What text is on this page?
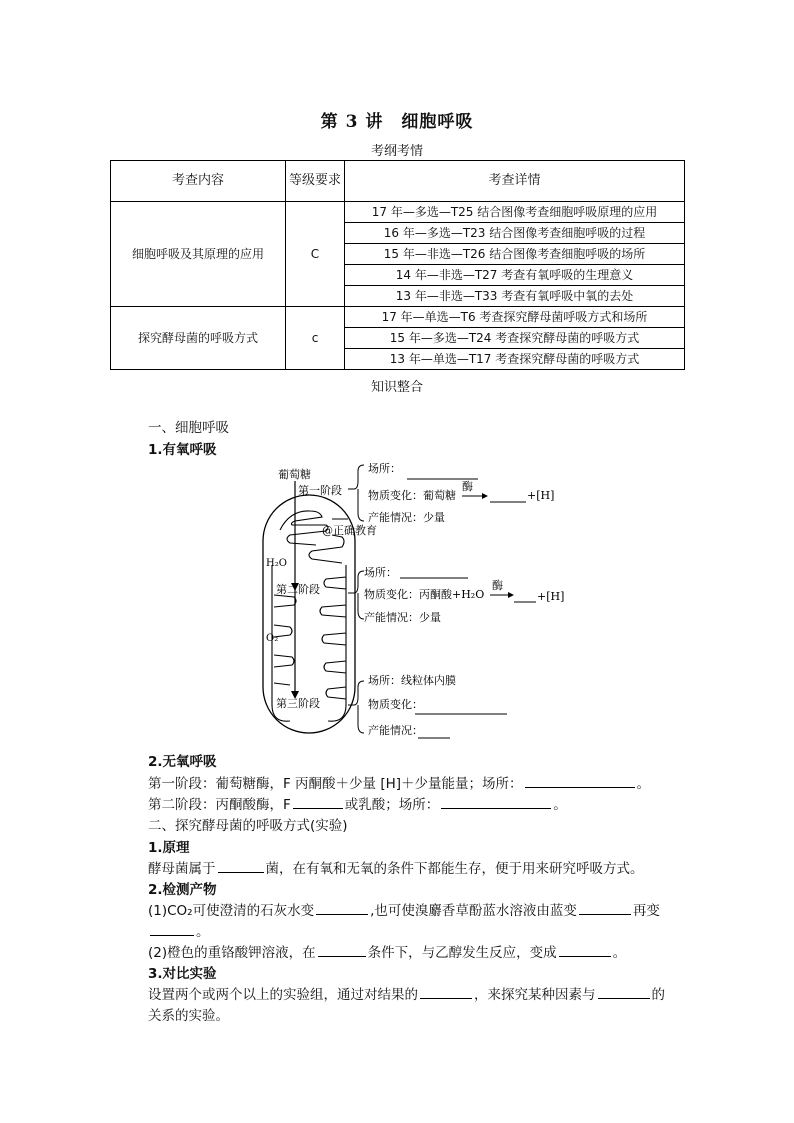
第 3 讲　细胞呼吸
考纲考情
考查内容	等级要求	考查详情
细胞呼吸及其原理的应用	C	17 年—多选—T25 结合图像考查细胞呼吸原理的应用
		16 年—多选—T23 结合图像考查细胞呼吸的过程
		15 年—非选—T26 结合图像考查细胞呼吸的场所
		14 年—非选—T27 考查有氧呼吸的生理意义
		13 年—非选—T33 考查有氧呼吸中氧的去处
探究酵母菌的呼吸方式	c	17 年—单选—T6 考查探究酵母菌呼吸方式和场所
		15 年—多选—T24 考查探究酵母菌的呼吸方式
		13 年—单选—T17 考查探究酵母菌的呼吸方式
知识整合
一、细胞呼吸
1.有氧呼吸
葡萄糖
第一阶段
@正确教育
H₂O
第二阶段
O₂
第三阶段
场所：
物质变化：葡萄糖
酶
+[H]
产能情况：少量
场所：
物质变化：丙酮酸+H₂O
酶
+[H]
产能情况：少量
场所：线粒体内膜
物质变化：
产能情况：
2.无氧呼吸
第一阶段：葡萄糖酶，F 丙酮酸＋少量 [H]＋少量能量；场所：	。
第二阶段：丙酮酸酶，F	或乳酸；场所：	。
二、探究酵母菌的呼吸方式(实验)
1.原理
酵母菌属于	菌，在有氧和无氧的条件下都能生存，便于用来研究呼吸方式。
2.检测产物
(1)CO₂可使澄清的石灰水变	,也可使溴麝香草酚蓝水溶液由蓝变	再变
。
(2)橙色的重铬酸钾溶液，在	条件下，与乙醇发生反应，变成	。
3.对比实验
设置两个或两个以上的实验组，通过对结果的	，来探究某种因素与	的
关系的实验。
